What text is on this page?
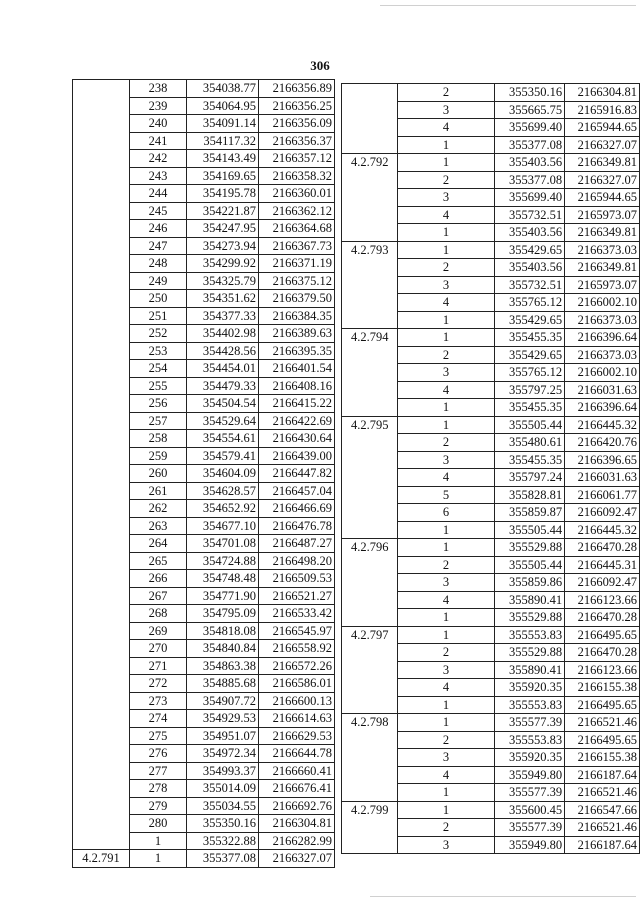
306
	238	354038.77	2166356.89
	239	354064.95	2166356.25
	240	354091.14	2166356.09
	241	354117.32	2166356.37
	242	354143.49	2166357.12
	243	354169.65	2166358.32
	244	354195.78	2166360.01
	245	354221.87	2166362.12
	246	354247.95	2166364.68
	247	354273.94	2166367.73
	248	354299.92	2166371.19
	249	354325.79	2166375.12
	250	354351.62	2166379.50
	251	354377.33	2166384.35
	252	354402.98	2166389.63
	253	354428.56	2166395.35
	254	354454.01	2166401.54
	255	354479.33	2166408.16
	256	354504.54	2166415.22
	257	354529.64	2166422.69
	258	354554.61	2166430.64
	259	354579.41	2166439.00
	260	354604.09	2166447.82
	261	354628.57	2166457.04
	262	354652.92	2166466.69
	263	354677.10	2166476.78
	264	354701.08	2166487.27
	265	354724.88	2166498.20
	266	354748.48	2166509.53
	267	354771.90	2166521.27
	268	354795.09	2166533.42
	269	354818.08	2166545.97
	270	354840.84	2166558.92
	271	354863.38	2166572.26
	272	354885.68	2166586.01
	273	354907.72	2166600.13
	274	354929.53	2166614.63
	275	354951.07	2166629.53
	276	354972.34	2166644.78
	277	354993.37	2166660.41
	278	355014.09	2166676.41
	279	355034.55	2166692.76
	280	355350.16	2166304.81
	1	355322.88	2166282.99
4.2.791	1	355377.08	2166327.07
	2	355350.16	2166304.81
	3	355665.75	2165916.83
	4	355699.40	2165944.65
	1	355377.08	2166327.07
4.2.792	1	355403.56	2166349.81
	2	355377.08	2166327.07
	3	355699.40	2165944.65
	4	355732.51	2165973.07
	1	355403.56	2166349.81
4.2.793	1	355429.65	2166373.03
	2	355403.56	2166349.81
	3	355732.51	2165973.07
	4	355765.12	2166002.10
	1	355429.65	2166373.03
4.2.794	1	355455.35	2166396.64
	2	355429.65	2166373.03
	3	355765.12	2166002.10
	4	355797.25	2166031.63
	1	355455.35	2166396.64
4.2.795	1	355505.44	2166445.32
	2	355480.61	2166420.76
	3	355455.35	2166396.65
	4	355797.24	2166031.63
	5	355828.81	2166061.77
	6	355859.87	2166092.47
	1	355505.44	2166445.32
4.2.796	1	355529.88	2166470.28
	2	355505.44	2166445.31
	3	355859.86	2166092.47
	4	355890.41	2166123.66
	1	355529.88	2166470.28
4.2.797	1	355553.83	2166495.65
	2	355529.88	2166470.28
	3	355890.41	2166123.66
	4	355920.35	2166155.38
	1	355553.83	2166495.65
4.2.798	1	355577.39	2166521.46
	2	355553.83	2166495.65
	3	355920.35	2166155.38
	4	355949.80	2166187.64
	1	355577.39	2166521.46
4.2.799	1	355600.45	2166547.66
	2	355577.39	2166521.46
	3	355949.80	2166187.64
